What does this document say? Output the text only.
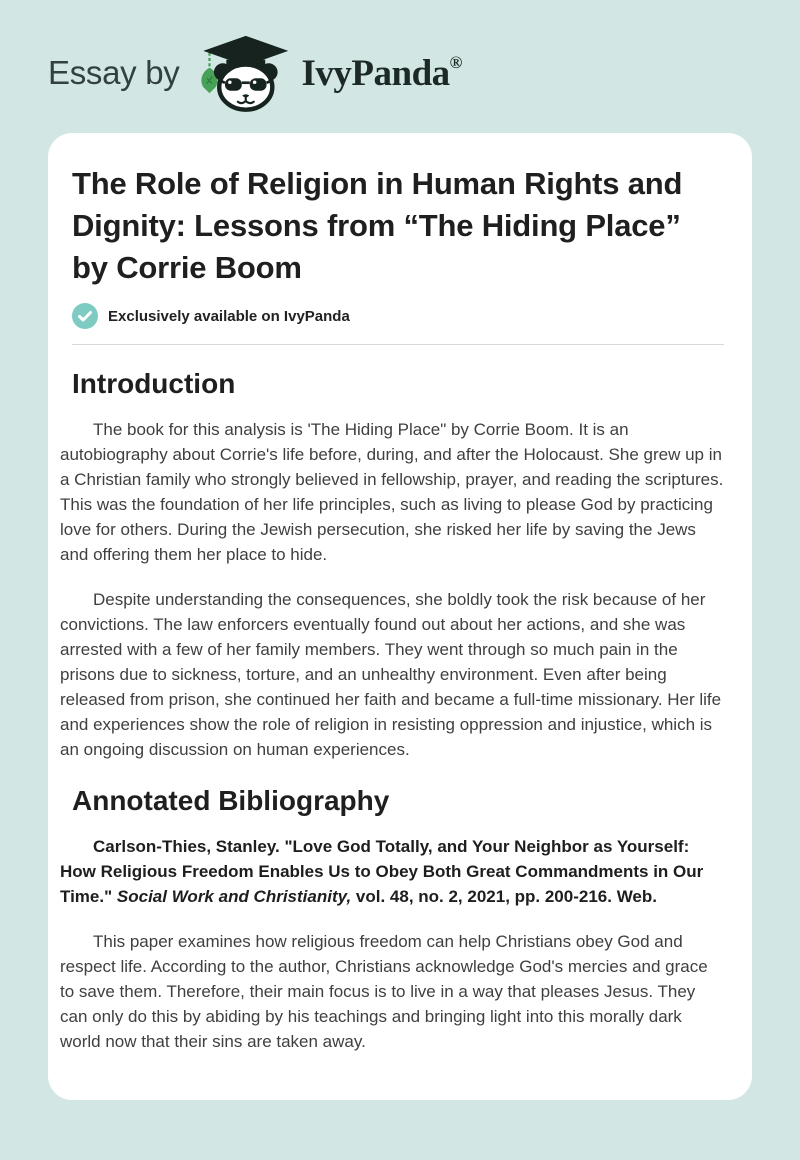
Essay by	IvyPanda®
The Role of Religion in Human Rights and Dignity: Lessons from “The Hiding Place” by Corrie Boom
Exclusively available on IvyPanda
Introduction

The book for this analysis is 'The Hiding Place" by Corrie Boom. It is an autobiography about Corrie's life before, during, and after the Holocaust. She grew up in a Christian family who strongly believed in fellowship, prayer, and reading the scriptures. This was the foundation of her life principles, such as living to please God by practicing love for others. During the Jewish persecution, she risked her life by saving the Jews and offering them her place to hide.

Despite understanding the consequences, she boldly took the risk because of her convictions. The law enforcers eventually found out about her actions, and she was arrested with a few of her family members. They went through so much pain in the prisons due to sickness, torture, and an unhealthy environment. Even after being released from prison, she continued her faith and became a full-time missionary. Her life and experiences show the role of religion in resisting oppression and injustice, which is an ongoing discussion on human experiences.

Annotated Bibliography

Carlson-Thies, Stanley. "Love God Totally, and Your Neighbor as Yourself: How Religious Freedom Enables Us to Obey Both Great Commandments in Our Time." Social Work and Christianity, vol. 48, no. 2, 2021, pp. 200-216. Web.

This paper examines how religious freedom can help Christians obey God and respect life. According to the author, Christians acknowledge God's mercies and grace to save them. Therefore, their main focus is to live in a way that pleases Jesus. They can only do this by abiding by his teachings and bringing light into this morally dark world now that their sins are taken away.
